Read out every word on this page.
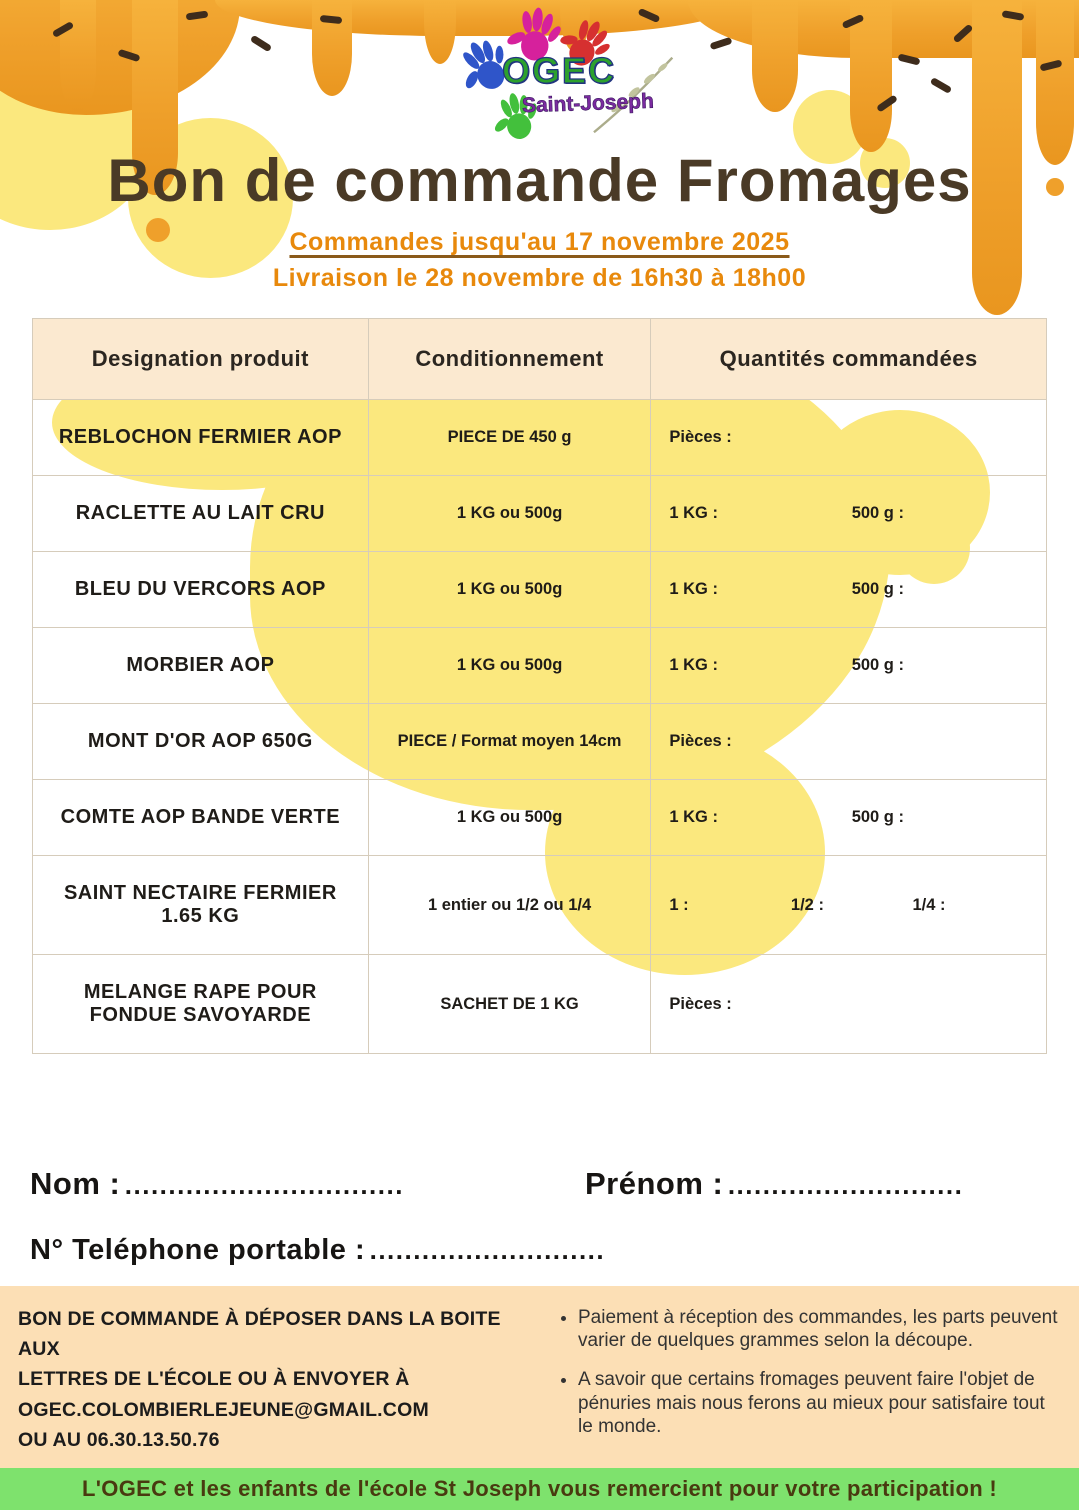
OGEC
Saint-Joseph
Bon de commande Fromages
Commandes jusqu'au 17 novembre 2025
Livraison le 28 novembre de 16h30 à 18h00
Designation produit	Conditionnement	Quantités commandées
REBLOCHON FERMIER AOP	PIECE DE 450 g	Pièces :

RACLETTE AU LAIT CRU	1 KG ou 500g	1 KG : 500 g :

BLEU DU VERCORS AOP	1 KG ou 500g	1 KG : 500 g :

MORBIER AOP	1 KG ou 500g	1 KG : 500 g :

MONT D'OR AOP 650G	PIECE / Format moyen 14cm	Pièces :

COMTE AOP BANDE VERTE	1 KG ou 500g	1 KG : 500 g :

SAINT NECTAIRE FERMIER 1.65 KG	1 entier ou 1/2 ou 1/4	1 : 1/2 : 1/4 :

MELANGE RAPE POUR FONDUE SAVOYARDE	SACHET DE 1 KG	Pièces :
Nom : ................................	Prénom : ...........................
N° Teléphone portable : ...........................
BON DE COMMANDE À DÉPOSER DANS LA BOITE AUX
LETTRES DE L'ÉCOLE OU À ENVOYER À
OGEC.COLOMBIERLEJEUNE@GMAIL.COM
OU AU 06.30.13.50.76
• Paiement à réception des commandes, les parts peuvent varier de quelques grammes selon la découpe.
• A savoir que certains fromages peuvent faire l'objet de pénuries mais nous ferons au mieux pour satisfaire tout le monde.
L'OGEC et les enfants de l'école St Joseph vous remercient pour votre participation !
